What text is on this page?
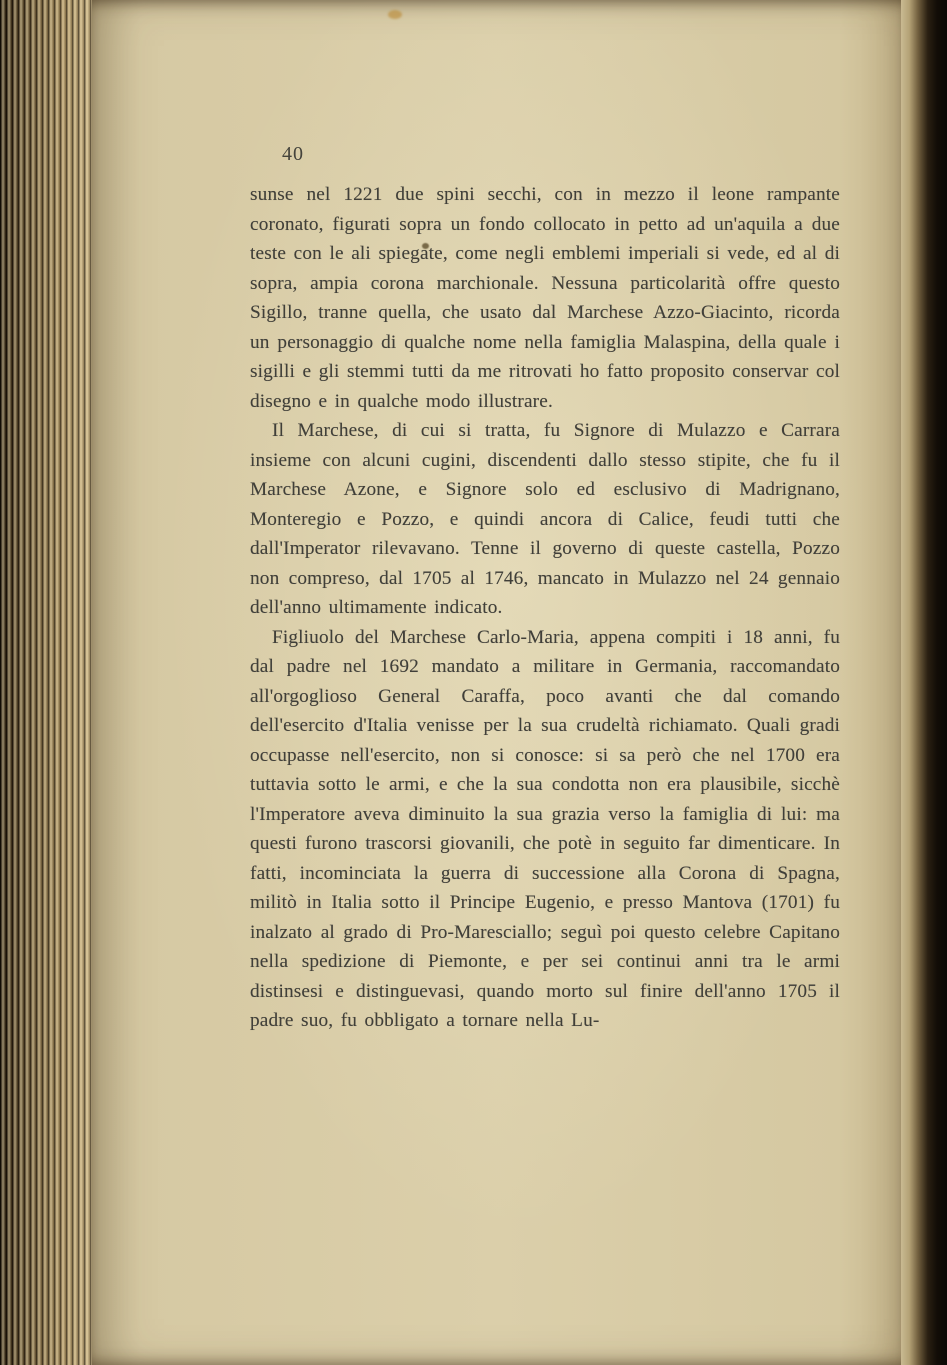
40

sunse nel 1221 due spini secchi, con in mezzo il leone rampante coronato, figurati sopra un fondo collocato in petto ad un'aquila a due teste con le ali spiegate, come negli emblemi imperiali si vede, ed al di sopra, ampia corona marchionale. Nessuna particolarità offre questo Sigillo, tranne quella, che usato dal Marchese Azzo-Giacinto, ricorda un personaggio di qualche nome nella famiglia Malaspina, della quale i sigilli e gli stemmi tutti da me ritrovati ho fatto proposito conservar col disegno e in qualche modo illustrare.

Il Marchese, di cui si tratta, fu Signore di Mulazzo e Carrara insieme con alcuni cugini, discendenti dallo stesso stipite, che fu il Marchese Azone, e Signore solo ed esclusivo di Madrignano, Monteregio e Pozzo, e quindi ancora di Calice, feudi tutti che dall'Imperator rilevavano. Tenne il governo di queste castella, Pozzo non compreso, dal 1705 al 1746, mancato in Mulazzo nel 24 gennaio dell'anno ultimamente indicato.

Figliuolo del Marchese Carlo-Maria, appena compiti i 18 anni, fu dal padre nel 1692 mandato a militare in Germania, raccomandato all'orgoglioso General Caraffa, poco avanti che dal comando dell'esercito d'Italia venisse per la sua crudeltà richiamato. Quali gradi occupasse nell'esercito, non si conosce: si sa però che nel 1700 era tuttavia sotto le armi, e che la sua condotta non era plausibile, sicchè l'Imperatore aveva diminuito la sua grazia verso la famiglia di lui: ma questi furono trascorsi giovanili, che potè in seguito far dimenticare. In fatti, incominciata la guerra di successione alla Corona di Spagna, militò in Italia sotto il Principe Eugenio, e presso Mantova (1701) fu inalzato al grado di Pro-Maresciallo; seguì poi questo celebre Capitano nella spedizione di Piemonte, e per sei continui anni tra le armi distinsesi e distinguevasi, quando morto sul finire dell'anno 1705 il padre suo, fu obbligato a tornare nella Lu-
